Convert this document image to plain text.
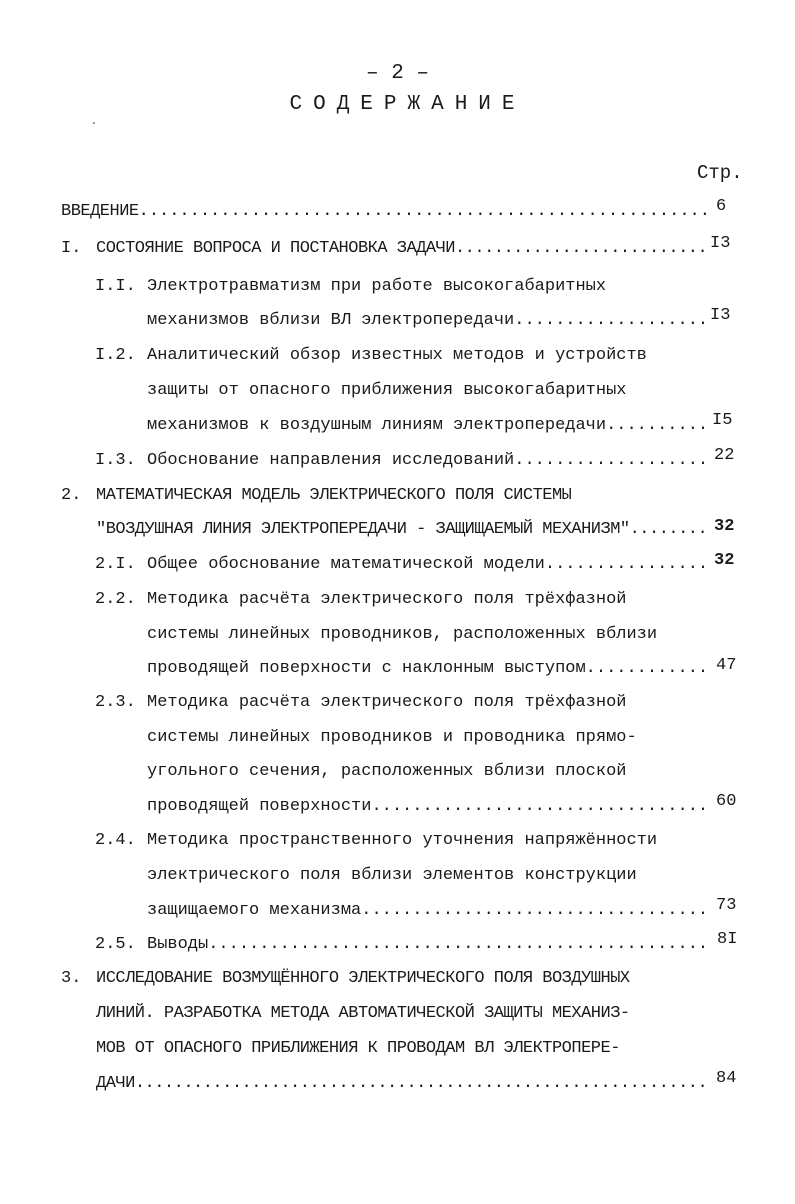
– 2 –
СОДЕРЖАНИЕ
Стр.
ВВЕДЕНИЕ .....	6
I. СОСТОЯНИЕ ВОПРОСА И ПОСТАНОВКА ЗАДАЧИ .....	I3
I.I. Электротравматизм при работе высокогабаритных
механизмов вблизи ВЛ электропередачи .....	I3
I.2. Аналитический обзор известных методов и устройств
защиты от опасного приближения высокогабаритных
механизмов к воздушным линиям электропередачи .....	I5
I.3. Обоснование направления исследований .....	22
2. МАТЕМАТИЧЕСКАЯ МОДЕЛЬ ЭЛЕКТРИЧЕСКОГО ПОЛЯ СИСТЕМЫ
"ВОЗДУШНАЯ ЛИНИЯ ЭЛЕКТРОПЕРЕДАЧИ - ЗАЩИЩАЕМЫЙ МЕХАНИЗМ" .....	32
2.I. Общее обоснование математической модели .....	32
2.2. Методика расчёта электрического поля трёхфазной
системы линейных проводников, расположенных вблизи
проводящей поверхности с наклонным выступом .....	47
2.3. Методика расчёта электрического поля трёхфазной
системы линейных проводников и проводника прямо-
угольного сечения, расположенных вблизи плоской
проводящей поверхности .....	60
2.4. Методика пространственного уточнения напряжённости
электрического поля вблизи элементов конструкции
защищаемого механизма .....	73
2.5. Выводы .....	8I
3. ИССЛЕДОВАНИЕ ВОЗМУЩЁННОГО ЭЛЕКТРИЧЕСКОГО ПОЛЯ ВОЗДУШНЫХ
ЛИНИЙ. РАЗРАБОТКА МЕТОДА АВТОМАТИЧЕСКОЙ ЗАЩИТЫ МЕХАНИЗ-
МОВ ОТ ОПАСНОГО ПРИБЛИЖЕНИЯ К ПРОВОДАМ ВЛ ЭЛЕКТРОПЕРЕ-
ДАЧИ .....	84
